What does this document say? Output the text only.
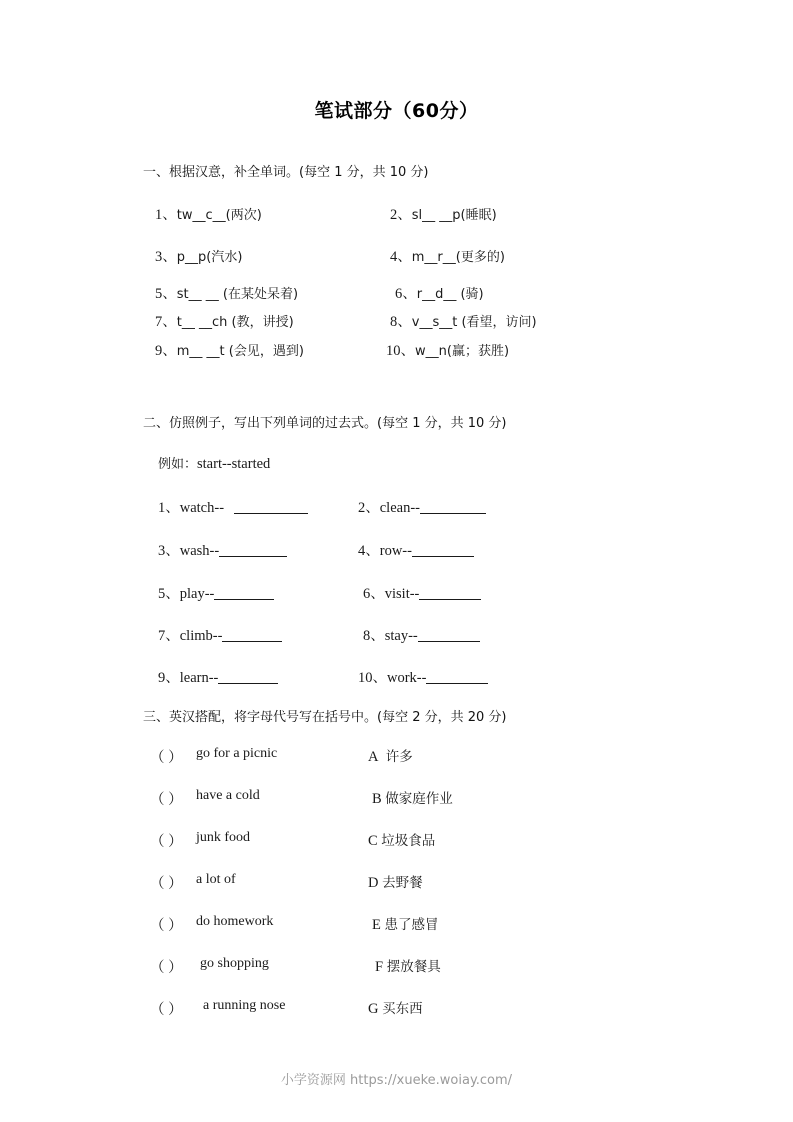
笔试部分（60分）
一、根据汉意，补全单词。(每空 1 分，共 10 分)
1、tw__c__(两次)	2、sl__ __p(睡眠)
3、p__p(汽水)	4、m__r__(更多的)
5、st__ __ (在某处呆着)	6、r__d__ (骑)
7、t__ __ch (教，讲授)	8、v__s__t (看望，访问)
9、m__ __t (会见，遇到)	10、w__n(赢；获胜)
二、仿照例子，写出下列单词的过去式。(每空 1 分，共 10 分)
例如：start--started
1、watch--	2、clean--
3、wash--	4、row--
5、play--	6、visit--
7、climb--	8、stay--
9、learn--	10、work--
三、英汉搭配，将字母代号写在括号中。(每空 2 分，共 20 分)
（ ） go for a picnic	A 许多
（ ） have a cold	B 做家庭作业
（ ） junk food	C 垃圾食品
（ ） a lot of	D 去野餐
（ ） do homework	E 患了感冒
（ ） go shopping	F 摆放餐具
（ ） a running nose	G 买东西
小学资源网 https://xueke.woiay.com/
